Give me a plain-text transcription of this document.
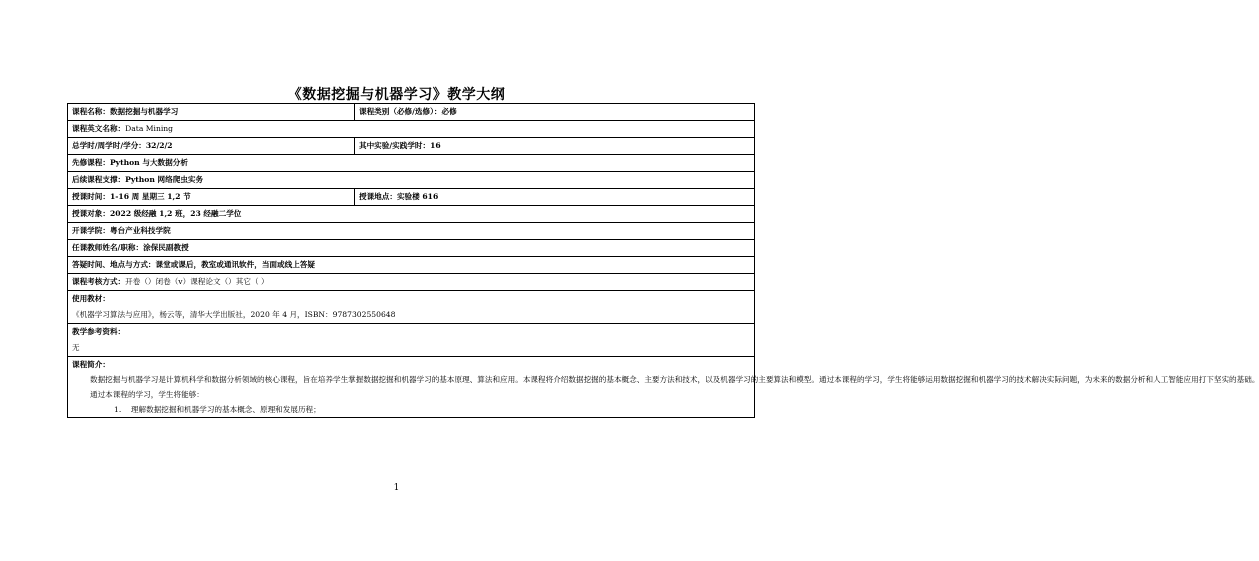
《数据挖掘与机器学习》教学大纲
课程名称：数据挖掘与机器学习	课程类别（必修/选修）：必修
课程英文名称：Data Mining	
总学时/周学时/学分：32/2/2	其中实验/实践学时：16
先修课程：Python 与大数据分析	
后续课程支撑：Python 网络爬虫实务	
授课时间：1-16 周 星期三 1,2 节	授课地点：实验楼 616
授课对象：2022 级经融 1,2 班，23 经融二学位	
开课学院：粤台产业科技学院	
任课教师姓名/职称：涂保民副教授	
答疑时间、地点与方式：课堂或课后，教室或通讯软件，当面或线上答疑	
课程考核方式：开卷（）闭卷（v）课程论文（）其它（ ）	

使用教材：
《机器学习算法与应用》，杨云等，清华大学出版社，2020 年 4 月，ISBN：9787302550648	

教学参考资料：
无	

课程简介：

数据挖掘与机器学习是计算机科学和数据分析领域的核心课程，旨在培养学生掌握数据挖掘和机器学习的基本原理、算法和应用。本课程将介绍数据挖掘的基本概念、主要方法和技术，以及机器学习的主要算法和模型。通过本课程的学习，学生将能够运用数据挖掘和机器学习的技术解决实际问题，为未来的数据分析和人工智能应用打下坚实的基础。

通过本课程的学习，学生将能够：

1. 理解数据挖掘和机器学习的基本概念、原理和发展历程；	

1
